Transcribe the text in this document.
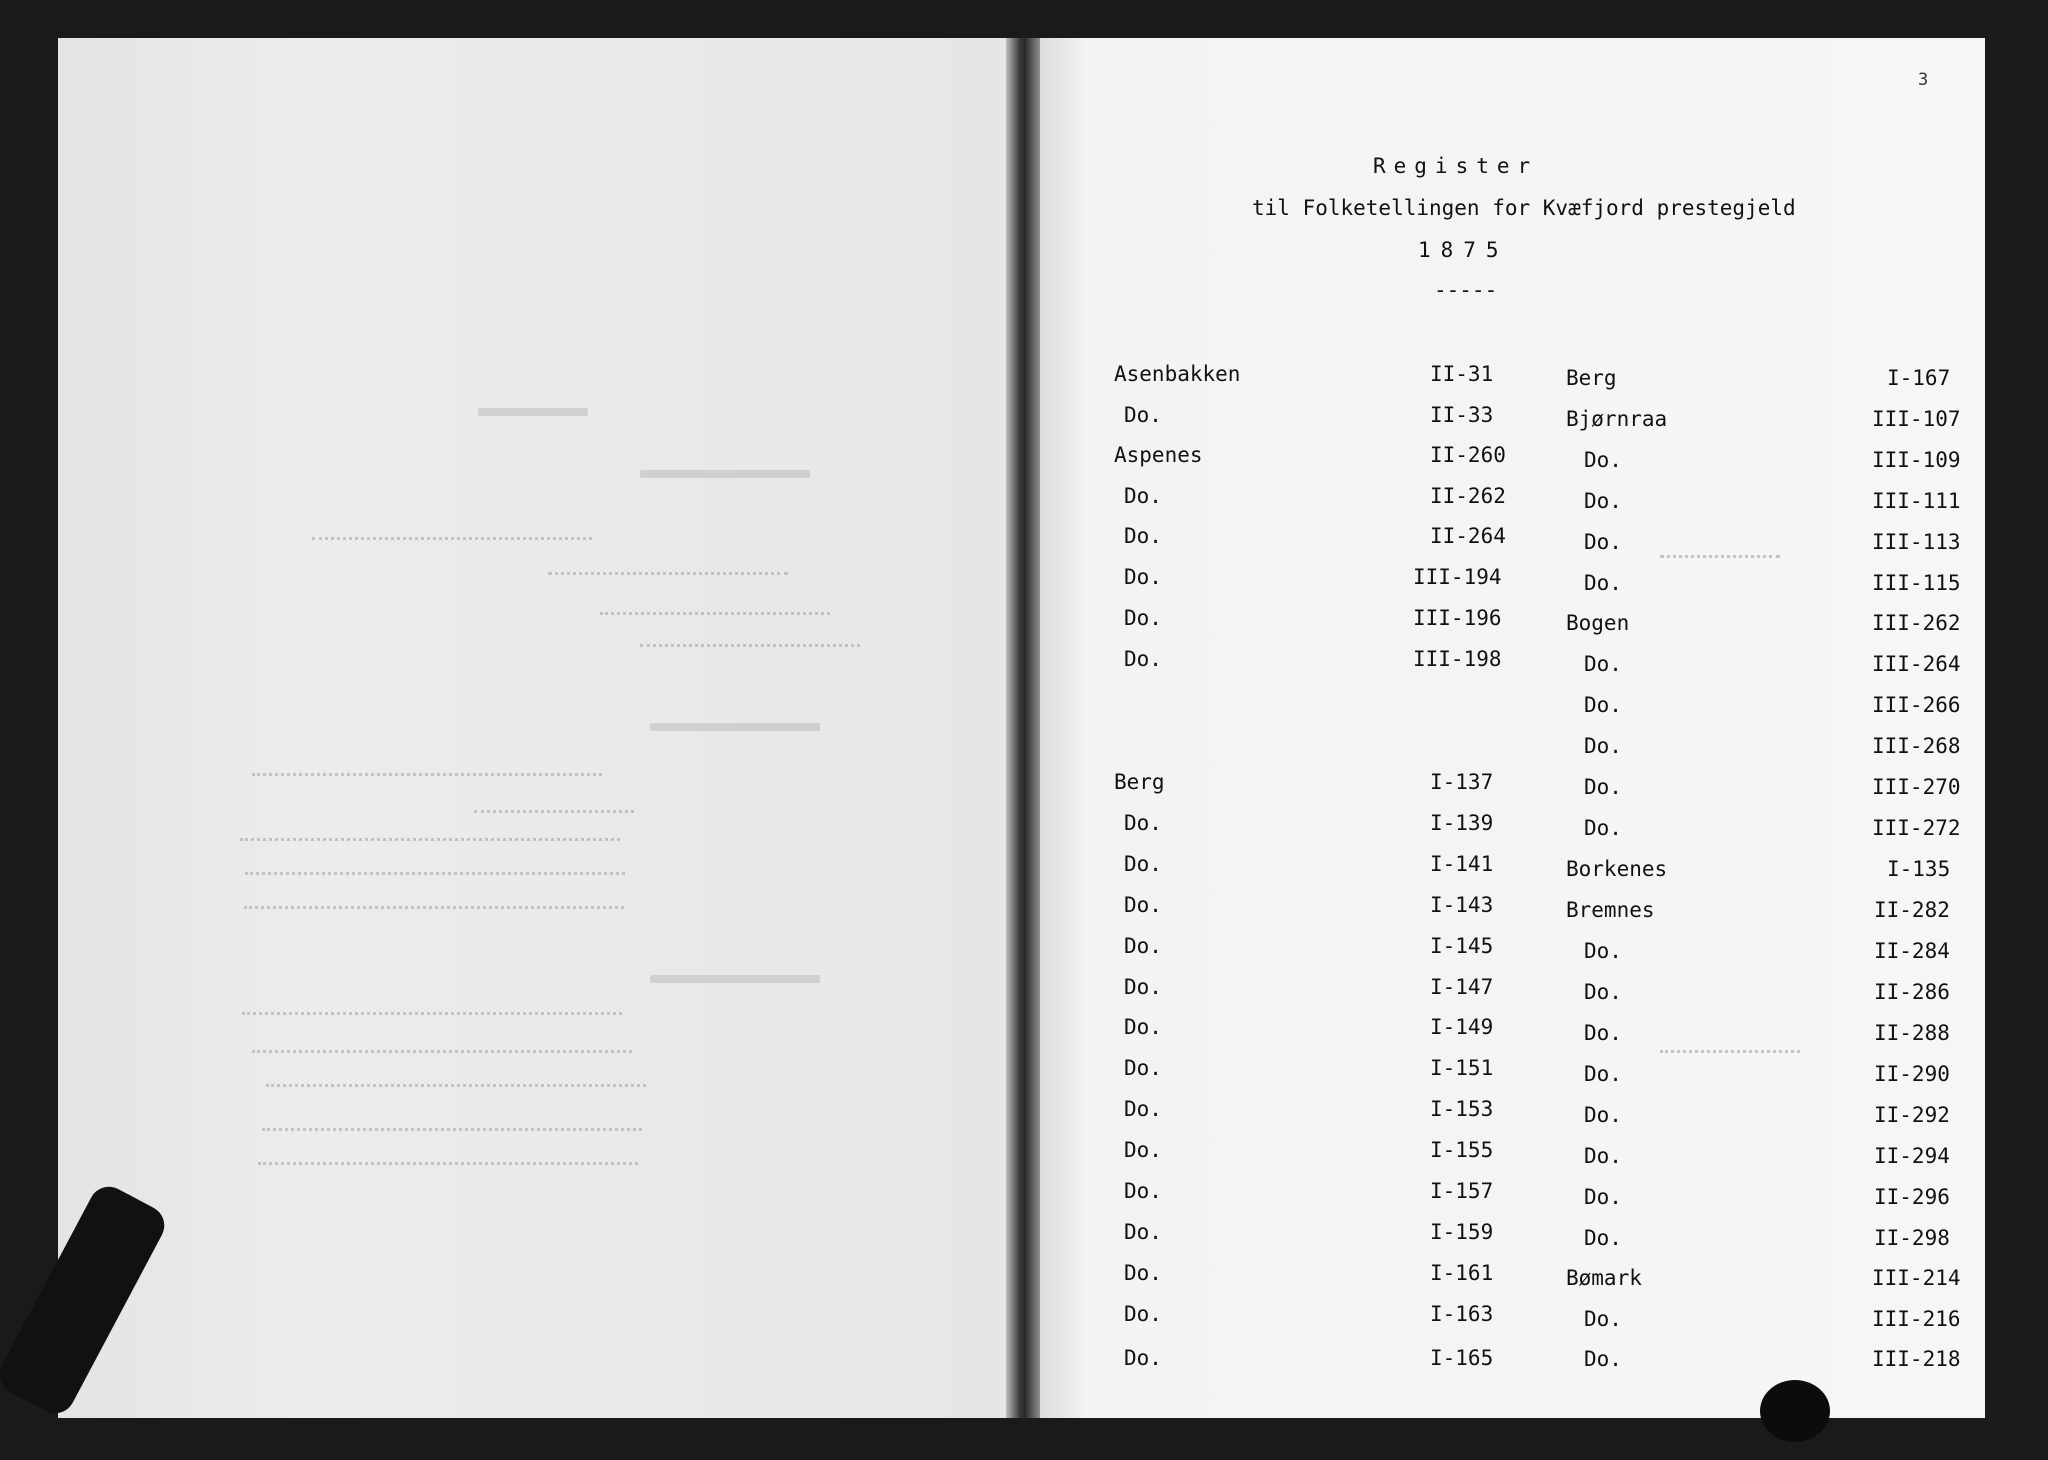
3
Register
til Folketellingen for Kvæfjord prestegjeld
1875
-----
Asenbakken	II-31
Do.	II-33
Aspenes	II-260
Do.	II-262
Do.	II-264
Do.	III-194
Do.	III-196
Do.	III-198
Berg	I-137
Do.	I-139
Do.	I-141
Do.	I-143
Do.	I-145
Do.	I-147
Do.	I-149
Do.	I-151
Do.	I-153
Do.	I-155
Do.	I-157
Do.	I-159
Do.	I-161
Do.	I-163
Do.	I-165
Berg	I-167
Bjørnraa	III-107
Do.	III-109
Do.	III-111
Do.	III-113
Do.	III-115
Bogen	III-262
Do.	III-264
Do.	III-266
Do.	III-268
Do.	III-270
Do.	III-272
Borkenes	I-135
Bremnes	II-282
Do.	II-284
Do.	II-286
Do.	II-288
Do.	II-290
Do.	II-292
Do.	II-294
Do.	II-296
Do.	II-298
Bømark	III-214
Do.	III-216
Do.	III-218
